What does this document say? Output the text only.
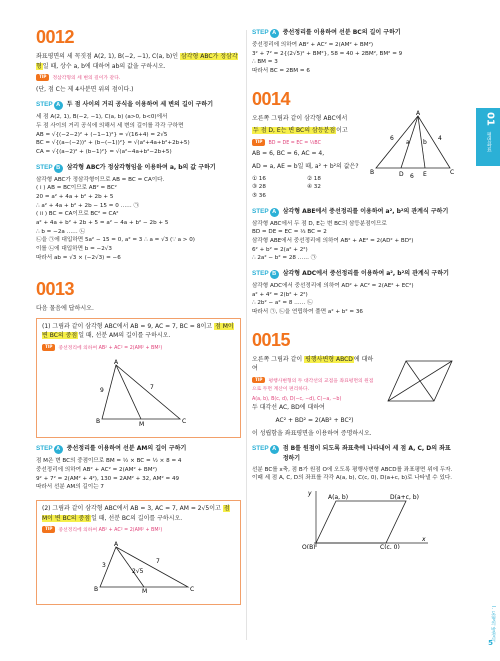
0012
좌표평면의 세 꼭짓점 A(2, 1), B(−2, −1), C(a, b)인 삼각형 ABC가 정삼각형일 때, 상수 a, b에 대하여 ab의 값을 구하시오.
TIP 정삼각형의 세 변의 길이가 같다.
(단, 점 C는 제 4사분면 위의 점이다.)
STEP A	두 점 사이의 거리 공식을 이용하여 세 변의 길이 구하기
세 점 A(2, 1), B(−2, −1), C(a, b) (a>0, b<0)에서
두 점 사이의 거리 공식에 의해서 세 변의 길이를 각각 구하면
AB = √{(−2−2)² + (−1−1)²} = √(16+4) = 2√5
BC = √{(a−(−2))² + (b−(−1))²} = √(a²+4a+b²+2b+5)
CA = √{(a−2)² + (b−1)²} = √(a²−4a+b²−2b+5)
STEP B	삼각형 ABC가 정삼각형임을 이용하여 a, b의 값 구하기
삼각형 ABC가 정삼각형이므로 AB = BC = CA이다.
( i ) AB = BC이므로 AB² = BC²
20 = a² + 4a + b² + 2b + 5
∴ a² + 4a + b² + 2b − 15 = 0 …… ㉠
( ii ) BC = CA이므로 BC² = CA²
a² + 4a + b² + 2b + 5 = a² − 4a + b² − 2b + 5
∴ b = −2a …… ㉡
㉡을 ㉠에 대입하면 5a² − 15 = 0, a² = 3 ∴ a = √3 (∵ a > 0)
이를 ㉡에 대입하면 b = −2√3
따라서 ab = √3 × (−2√3) = −6
0013
다음 물음에 답하시오.
(1) 그림과 같이 삼각형 ABC에서 AB = 9, AC = 7, BC = 8이고 점 M이 변 BC의 중점일 때, 선분 AM의 길이를 구하시오.
TIP 중선정리에 의하여 AB² + AC² = 2(AM² + BM²)
A
B	M	C
9	7
STEP A	중선정리를 이용하여 선분 AM의 길이 구하기
점 M은 변 BC의 중점이므로 BM = ½ × BC = ½ × 8 = 4
중선정리에 의하여 AB² + AC² = 2(AM² + BM²)
9² + 7² = 2(AM² + 4²), 130 = 2AM² + 32, AM² = 49
따라서 선분 AM의 길이는 7
(2) 그림과 같이 삼각형 ABC에서 AB = 3, AC = 7, AM = 2√5이고 점 M이 변 BC의 중점일 때, 선분 BC의 길이를 구하시오.
TIP 중선정리에 의하여 AB² + AC² = 2(AM² + BM²)
A
B	M	C
3
2√5
7
STEP A	중선정리를 이용하여 선분 BC의 길이 구하기
중선정리에 의하여 AB² + AC² = 2(AM² + BM²)
3² + 7² = 2{(2√5)² + BM²}, 58 = 40 + 2BM², BM² = 9
∴ BM = 3
따라서 BC = 2BM = 6
0014
오른쪽 그림과 같이 삼각형 ABC에서
두 점 D, E는 변 BC의 삼등분점이고
TIP BD = DE = EC = ⅓BC
AB = 6, BC = 6, AC = 4,
AD = a, AE = b일 때, a² + b²의 값은?
① 16	② 18
③ 28	④ 32
⑤ 36
A
B	D	E	C
6	4
6
a b
STEP A	삼각형 ABE에서 중선정리를 이용하여 a², b²의 관계식 구하기
삼각형 ABC에서 두 점 D, E는 변 BC의 삼등분점이므로
BD = DE = EC = ⅓ BC = 2
삼각형 ABE에서 중선정리에 의하여 AB² + AE² = 2(AD² + BD²)
6² + b² = 2(a² + 2²)
∴ 2a² − b² = 28 …… ㉠
STEP B	삼각형 ADC에서 중선정리를 이용하여 a², b²의 관계식 구하기
삼각형 ADC에서 중선정리에 의하여 AD² + AC² = 2(AE² + EC²)
a² + 4² = 2(b² + 2²)
∴ 2b² − a² = 8 …… ㉡
따라서 ㉠, ㉡을 연립하여 풀면 a² + b² = 36
0015
오른쪽 그림과 같이 평행사변형 ABCD에 대하여
TIP 평행사변형의 두 대각선의 교점을 좌표평면의 원점으로 두면 계산이 편리하다.
A(a, b), B(c, d), D(−c, −d), C(−a, −b)
두 대각선 AC, BD에 대하여
AC² + BD² = 2(AB² + BC²)
이 성립함을 좌표평면을 이용하여 증명하시오.
STEP A	점 B를 원점이 되도록 좌표축에 나타내어 세 점 A, C, D의 좌표 정하기
선분 BC를 x축, 점 B가 원점 O에 오도록 평행사변형 ABCD를 좌표평면 위에 두자.
이때 세 점 A, C, D의 좌표를 각각 A(a, b), C(c, 0), D(a+c, b)로 나타낼 수 있다.
A(a, b)	D(a+c, b)
O(B)	C(c, 0)
x
y
01
평면좌표
I. 도형의 방정식
5
